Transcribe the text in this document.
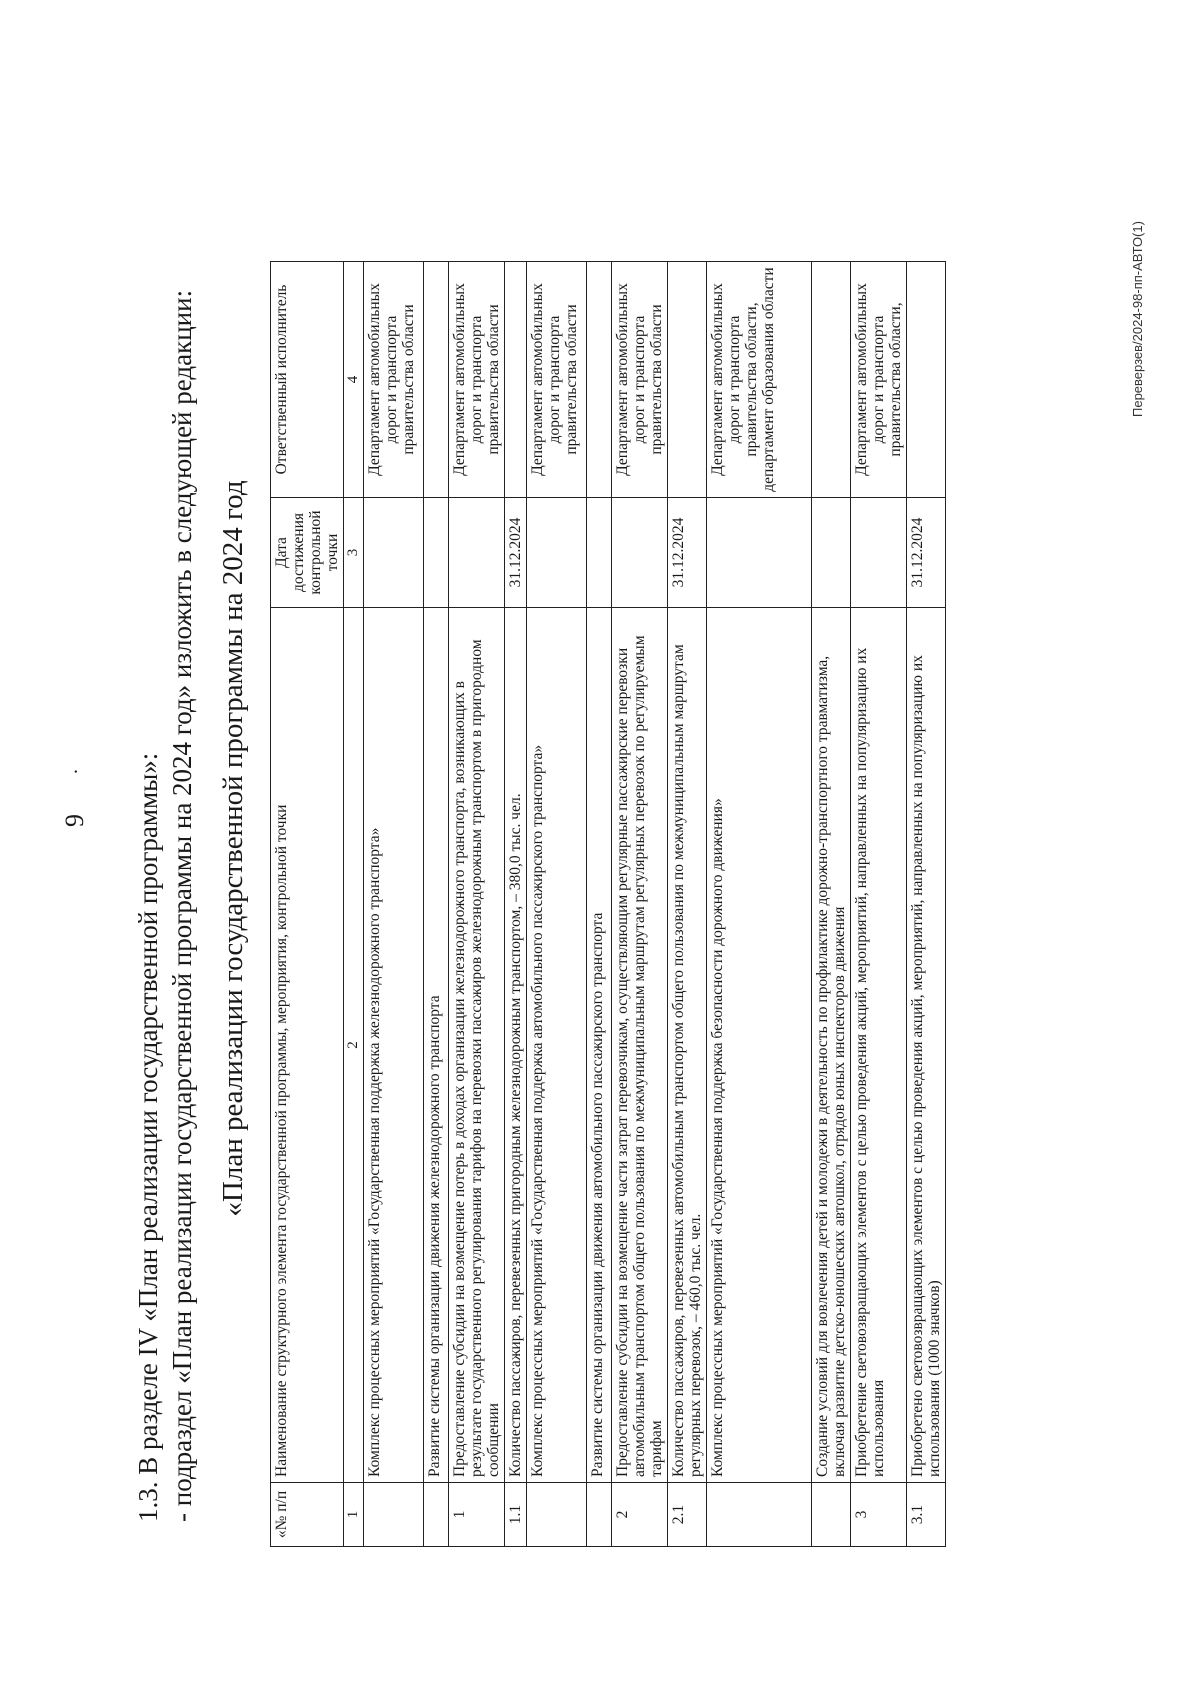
9. 1.3. В разделе IV «План реализации государственной программы»: - подраздел «План реализации государственной программы на 2024 год» изложить в следующей редакции: «План реализации государственной программы на 2024 год
«№ п/п	Наименование структурного элемента государственной программы, мероприятия, контрольной точки	Дата достижения контрольной точки	Ответственный исполнитель
1	2	3	4
	Комплекс процессных мероприятий «Государственная поддержка железнодорожного транспорта»		Департамент автомобильных дорог и транспорта правительства области
	Развитие системы организации движения железнодорожного транспорта		
1	Предоставление субсидии на возмещение потерь в доходах организации железнодорожного транспорта, возникающих в результате государственного регулирования тарифов на перевозки пассажиров железнодорожным транспортом в пригородном сообщении		Департамент автомобильных дорог и транспорта правительства области
1.1	Количество пассажиров, перевезенных пригородным железнодорожным транспортом, – 380,0 тыс. чел.	31.12.2024	
	Комплекс процессных мероприятий «Государственная поддержка автомобильного пассажирского транспорта»		Департамент автомобильных дорог и транспорта правительства области
	Развитие системы организации движения автомобильного пассажирского транспорта		
2	Предоставление субсидии на возмещение части затрат перевозчикам, осуществляющим регулярные пассажирские перевозки автомобильным транспортом общего пользования по межмуниципальным маршрутам регулярных перевозок по регулируемым тарифам		Департамент автомобильных дорог и транспорта правительства области
2.1	Количество пассажиров, перевезенных автомобильным транспортом общего пользования по межмуниципальным маршрутам регулярных перевозок, – 460,0 тыс. чел.	31.12.2024	
	Комплекс процессных мероприятий «Государственная поддержка безопасности дорожного движения»		Департамент автомобильных дорог и транспорта правительства области, департамент образования области
	Создание условий для вовлечения детей и молодежи в деятельность по профилактике дорожно-транспортного травматизма, включая развитие детско-юношеских автошкол, отрядов юных инспекторов движения		
3	Приобретение световозвращающих элементов с целью проведения акций, мероприятий, направленных на популяризацию их использования		Департамент автомобильных дорог и транспорта правительства области,
3.1	Приобретено световозвращающих элементов с целью проведения акций, мероприятий, направленных на популяризацию их использования (1000 значков)	31.12.2024	
Переверзев/2024-98-пп-АВТО(1)
